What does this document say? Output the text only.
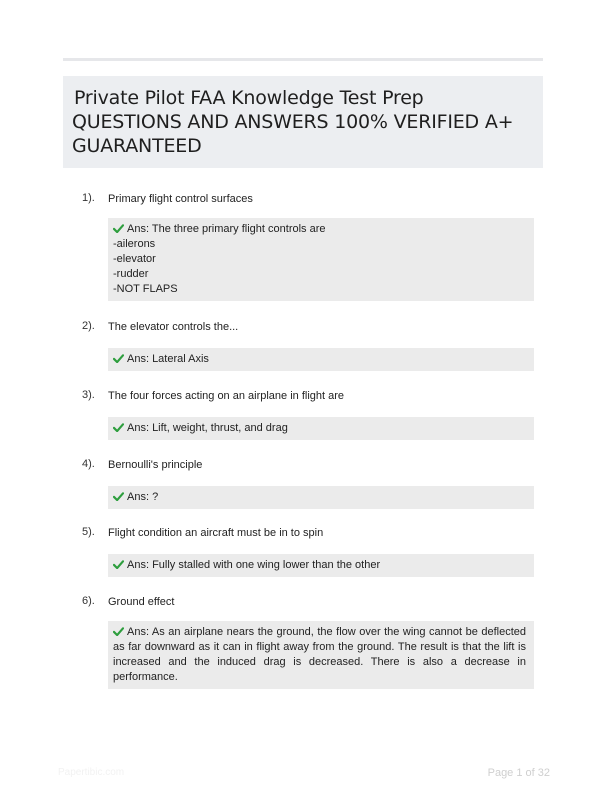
Private Pilot FAA Knowledge Test Prep
QUESTIONS AND ANSWERS 100% VERIFIED A+
GUARANTEED
1). Primary flight control surfaces
Ans: The three primary flight controls are
-ailerons
-elevator
-rudder
-NOT FLAPS
2). The elevator controls the...
Ans: Lateral Axis
3). The four forces acting on an airplane in flight are
Ans: Lift, weight, thrust, and drag
4). Bernoulli's principle
Ans: ?
5). Flight condition an aircraft must be in to spin
Ans: Fully stalled with one wing lower than the other
6). Ground effect
Ans: As an airplane nears the ground, the flow over the wing cannot be deflected as far downward as it can in flight away from the ground. The result is that the lift is increased and the induced drag is decreased. There is also a decrease in performance.
Papertibic.com	Page 1 of 32
